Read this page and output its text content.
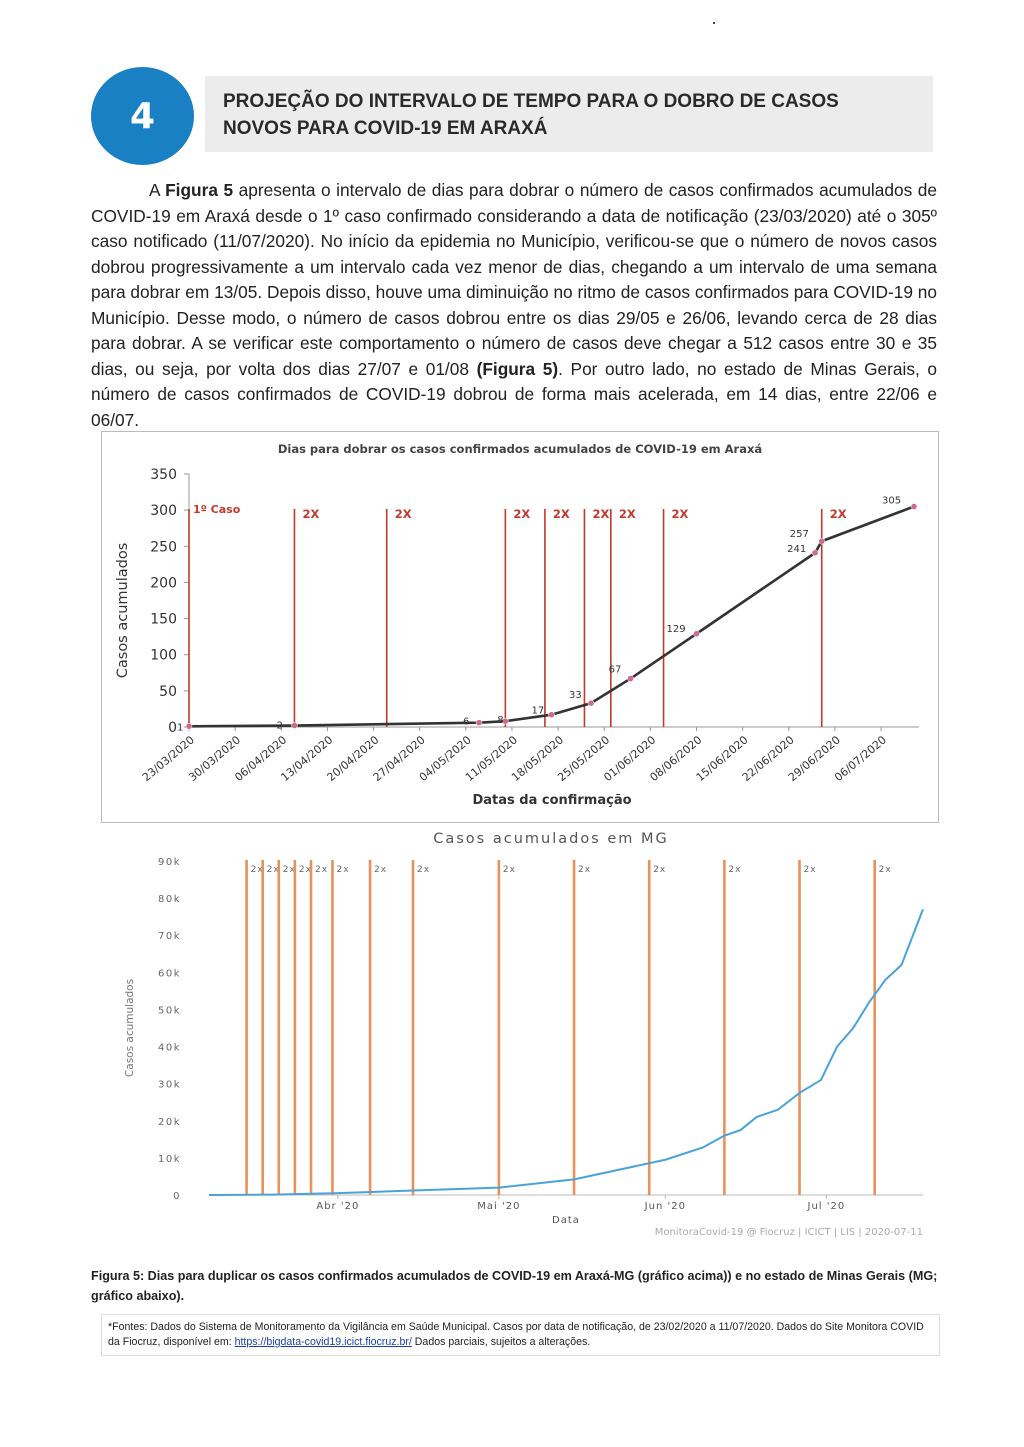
4	PROJEÇÃO DO INTERVALO DE TEMPO PARA O DOBRO DE CASOS
NOVOS PARA COVID-19 EM ARAXÁ
A Figura 5 apresenta o intervalo de dias para dobrar o número de casos confirmados acumulados de COVID-19 em Araxá desde o 1º caso confirmado considerando a data de notificação (23/03/2020) até o 305º caso notificado (11/07/2020). No início da epidemia no Município, verificou-se que o número de novos casos dobrou progressivamente a um intervalo cada vez menor de dias, chegando a um intervalo de uma semana para dobrar em 13/05. Depois disso, houve uma diminuição no ritmo de casos confirmados para COVID-19 no Município. Desse modo, o número de casos dobrou entre os dias 29/05 e 26/06, levando cerca de 28 dias para dobrar. A se verificar este comportamento o número de casos deve chegar a 512 casos entre 30 e 35 dias, ou seja, por volta dos dias 27/07 e 01/08 (Figura 5). Por outro lado, no estado de Minas Gerais, o número de casos confirmados de COVID-19 dobrou de forma mais acelerada, em 14 dias, entre 22/06 e 06/07.
Dias para dobrar os casos confirmados acumulados de COVID-19 em Araxá
0
50
100
150
200
250
300
350
Casos acumulados
23/03/2020
30/03/2020
06/04/2020
13/04/2020
20/04/2020
27/04/2020
04/05/2020
11/05/2020
18/05/2020
25/05/2020
01/06/2020
08/06/2020
15/06/2020
22/06/2020
29/06/2020
06/07/2020
Datas da confirmação
1º Caso	2X	2X	2X 2X 2X 2X	2X	2X
1	2	6	8
17
33
67
129
241
257
305
Casos acumulados em MG
0
10k
20k
30k
40k
50k
60k
70k
80k
90k
Casos acumulados
Abr '20	Mai '20	Jun '20	Jul '20
Data
2x 2x 2x 2x 2x 2x	2x	2x	2x	2x	2x	2x	2x	2x
MonitoraCovid-19 @ Fiocruz | ICICT | LIS | 2020-07-11
Figura 5: Dias para duplicar os casos confirmados acumulados de COVID-19 em Araxá-MG (gráfico acima)) e no estado de Minas Gerais (MG; gráfico abaixo).
*Fontes: Dados do Sistema de Monitoramento da Vigilância em Saúde Municipal. Casos por data de notificação, de 23/02/2020 a 11/07/2020. Dados do Site Monitora COVID da Fiocruz, disponível em: https://bigdata-covid19.icict.fiocruz.br/ Dados parciais, sujeitos a alterações.
